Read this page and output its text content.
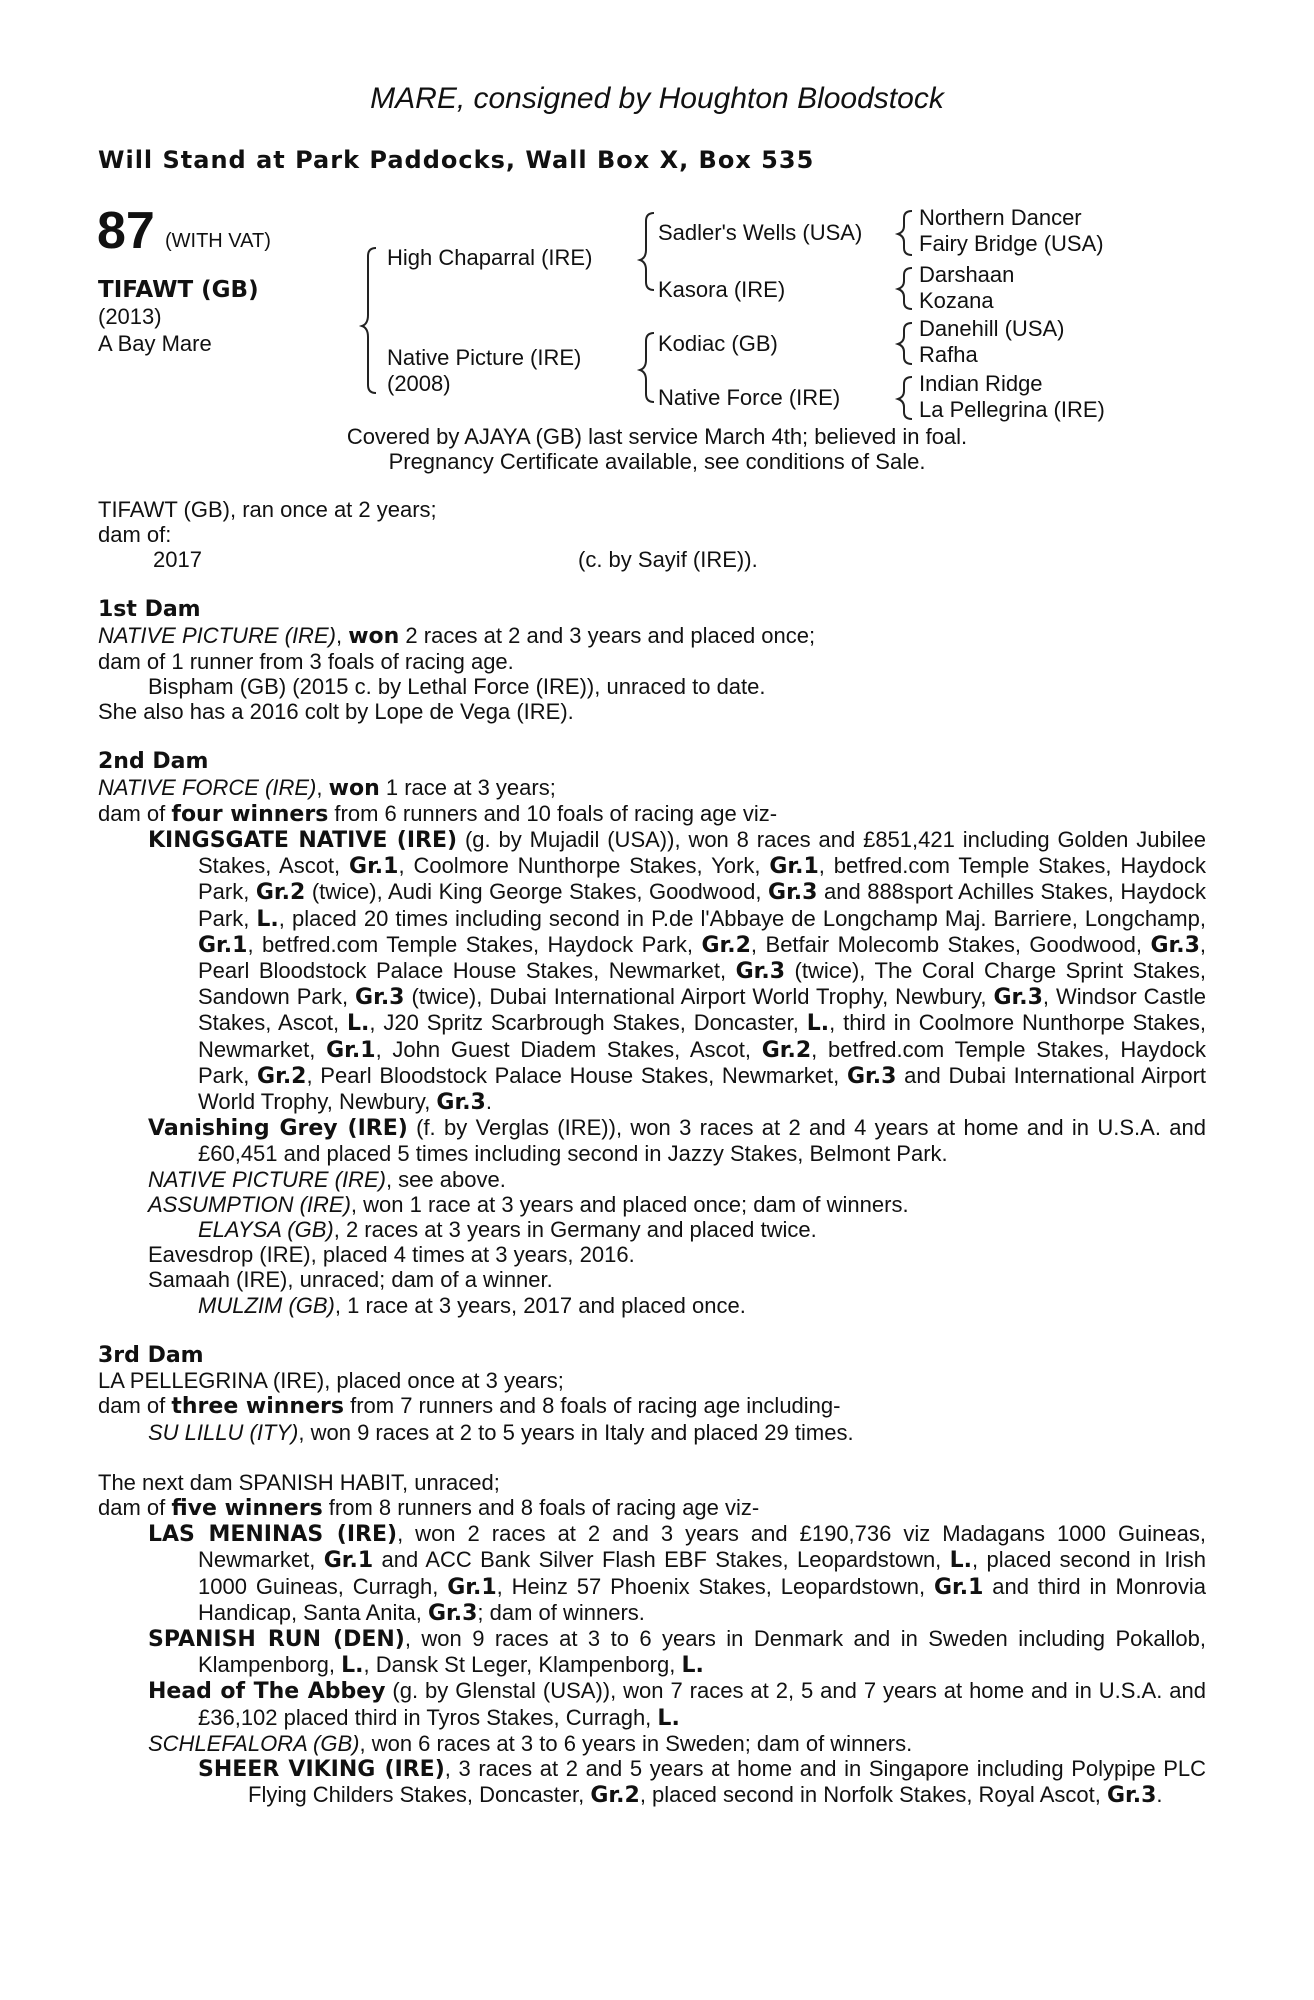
MARE, consigned by Houghton Bloodstock
Will Stand at Park Paddocks, Wall Box X, Box 535
87 (WITH VAT)
TIFAWT (GB)
(2013)
A Bay Mare
High Chaparral (IRE)
Native Picture (IRE)
(2008)
Sadler's Wells (USA)
Kasora (IRE)
Kodiac (GB)
Native Force (IRE)
Northern Dancer
Fairy Bridge (USA)
Darshaan
Kozana
Danehill (USA)
Rafha
Indian Ridge
La Pellegrina (IRE)
Covered by AJAYA (GB) last service March 4th; believed in foal.
Pregnancy Certificate available, see conditions of Sale.

TIFAWT (GB), ran once at 2 years;

dam of:

2017	(c. by Sayif (IRE)).

1st Dam

NATIVE PICTURE (IRE), won 2 races at 2 and 3 years and placed once;

dam of 1 runner from 3 foals of racing age.

Bispham (GB) (2015 c. by Lethal Force (IRE)), unraced to date.

She also has a 2016 colt by Lope de Vega (IRE).

2nd Dam

NATIVE FORCE (IRE), won 1 race at 3 years;

dam of four winners from 6 runners and 10 foals of racing age viz-

KINGSGATE NATIVE (IRE) (g. by Mujadil (USA)), won 8 races and £851,421 including Golden Jubilee Stakes, Ascot, Gr.1, Coolmore Nunthorpe Stakes, York, Gr.1, betfred.com Temple Stakes, Haydock Park, Gr.2 (twice), Audi King George Stakes, Goodwood, Gr.3 and 888sport Achilles Stakes, Haydock Park, L., placed 20 times including second in P.de l'Abbaye de Longchamp Maj. Barriere, Longchamp, Gr.1, betfred.com Temple Stakes, Haydock Park, Gr.2, Betfair Molecomb Stakes, Goodwood, Gr.3, Pearl Bloodstock Palace House Stakes, Newmarket, Gr.3 (twice), The Coral Charge Sprint Stakes, Sandown Park, Gr.3 (twice), Dubai International Airport World Trophy, Newbury, Gr.3, Windsor Castle Stakes, Ascot, L., J20 Spritz Scarbrough Stakes, Doncaster, L., third in Coolmore Nunthorpe Stakes, Newmarket, Gr.1, John Guest Diadem Stakes, Ascot, Gr.2, betfred.com Temple Stakes, Haydock Park, Gr.2, Pearl Bloodstock Palace House Stakes, Newmarket, Gr.3 and Dubai International Airport World Trophy, Newbury, Gr.3.

Vanishing Grey (IRE) (f. by Verglas (IRE)), won 3 races at 2 and 4 years at home and in U.S.A. and £60,451 and placed 5 times including second in Jazzy Stakes, Belmont Park.

NATIVE PICTURE (IRE), see above.

ASSUMPTION (IRE), won 1 race at 3 years and placed once; dam of winners.

ELAYSA (GB), 2 races at 3 years in Germany and placed twice.

Eavesdrop (IRE), placed 4 times at 3 years, 2016.

Samaah (IRE), unraced; dam of a winner.

MULZIM (GB), 1 race at 3 years, 2017 and placed once.

3rd Dam

LA PELLEGRINA (IRE), placed once at 3 years;

dam of three winners from 7 runners and 8 foals of racing age including-

SU LILLU (ITY), won 9 races at 2 to 5 years in Italy and placed 29 times.

The next dam SPANISH HABIT, unraced;

dam of five winners from 8 runners and 8 foals of racing age viz-

LAS MENINAS (IRE), won 2 races at 2 and 3 years and £190,736 viz Madagans 1000 Guineas, Newmarket, Gr.1 and ACC Bank Silver Flash EBF Stakes, Leopardstown, L., placed second in Irish 1000 Guineas, Curragh, Gr.1, Heinz 57 Phoenix Stakes, Leopardstown, Gr.1 and third in Monrovia Handicap, Santa Anita, Gr.3; dam of winners.

SPANISH RUN (DEN), won 9 races at 3 to 6 years in Denmark and in Sweden including Pokallob, Klampenborg, L., Dansk St Leger, Klampenborg, L.

Head of The Abbey (g. by Glenstal (USA)), won 7 races at 2, 5 and 7 years at home and in U.S.A. and £36,102 placed third in Tyros Stakes, Curragh, L.

SCHLEFALORA (GB), won 6 races at 3 to 6 years in Sweden; dam of winners.

SHEER VIKING (IRE), 3 races at 2 and 5 years at home and in Singapore including Polypipe PLC Flying Childers Stakes, Doncaster, Gr.2, placed second in Norfolk Stakes, Royal Ascot, Gr.3.
